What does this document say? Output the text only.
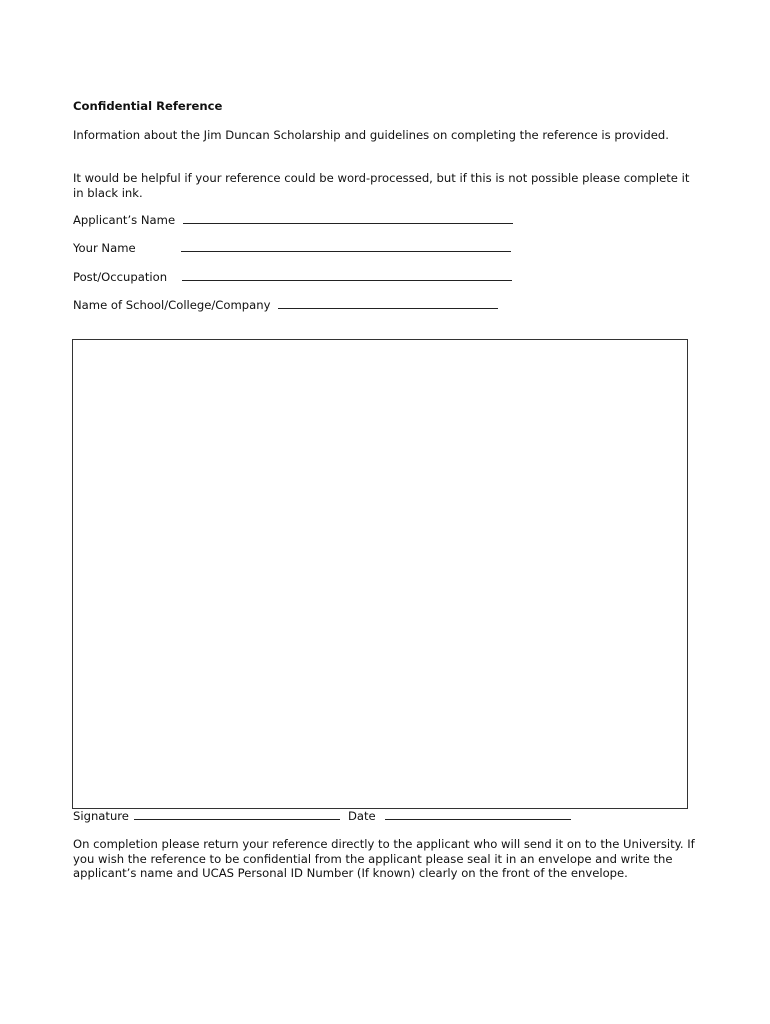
Confidential Reference
Information about the Jim Duncan Scholarship and guidelines on completing the reference is provided.
It would be helpful if your reference could be word-processed, but if this is not possible please complete it in black ink.
Applicant’s Name
Your Name
Post/Occupation
Name of School/College/Company
Signature	Date
On completion please return your reference directly to the applicant who will send it on to the University. If you wish the reference to be confidential from the applicant please seal it in an envelope and write the applicant’s name and UCAS Personal ID Number (If known) clearly on the front of the envelope.
